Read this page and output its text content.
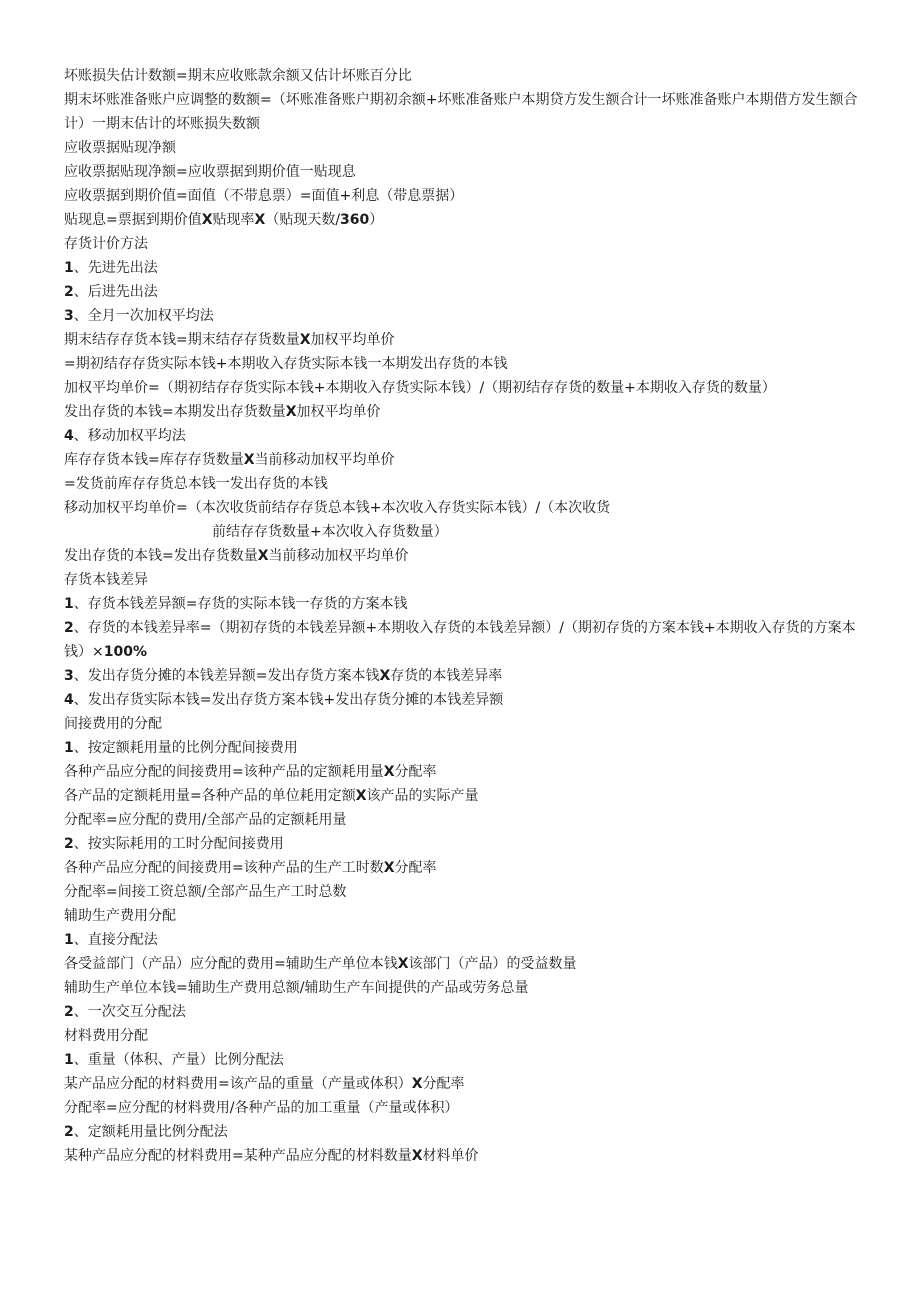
坏账损失估计数额=期末应收账款余额又估计坏账百分比
期末坏账准备账户应调整的数额=（坏账准备账户期初余额+坏账准备账户本期贷方发生额合计一坏账准备账户本期借方发生额合计）一期末估计的坏账损失数额
应收票据贴现净额
应收票据贴现净额=应收票据到期价值一贴现息
应收票据到期价值=面值（不带息票）=面值+利息（带息票据）
贴现息=票据到期价值X贴现率X（贴现天数/360）
存货计价方法
1、先进先出法
2、后进先出法
3、全月一次加权平均法
期末结存存货本钱=期末结存存货数量X加权平均单价
=期初结存存货实际本钱+本期收入存货实际本钱一本期发出存货的本钱
加权平均单价=（期初结存存货实际本钱+本期收入存货实际本钱）/（期初结存存货的数量+本期收入存货的数量）
发出存货的本钱=本期发出存货数量X加权平均单价
4、移动加权平均法
库存存货本钱=库存存货数量X当前移动加权平均单价
=发货前库存存货总本钱一发出存货的本钱
移动加权平均单价=（本次收货前结存存货总本钱+本次收入存货实际本钱）/（本次收货
前结存存货数量+本次收入存货数量）
发出存货的本钱=发出存货数量X当前移动加权平均单价
存货本钱差异
1、存货本钱差异额=存货的实际本钱一存货的方案本钱
2、存货的本钱差异率=（期初存货的本钱差异额+本期收入存货的本钱差异额）/（期初存货的方案本钱+本期收入存货的方案本钱）×100%
3、发出存货分摊的本钱差异额=发出存货方案本钱X存货的本钱差异率
4、发出存货实际本钱=发出存货方案本钱+发出存货分摊的本钱差异额
间接费用的分配
1、按定额耗用量的比例分配间接费用
各种产品应分配的间接费用=该种产品的定额耗用量X分配率
各产品的定额耗用量=各种产品的单位耗用定额X该产品的实际产量
分配率=应分配的费用/全部产品的定额耗用量
2、按实际耗用的工时分配间接费用
各种产品应分配的间接费用=该种产品的生产工时数X分配率
分配率=间接工资总额/全部产品生产工时总数
辅助生产费用分配
1、直接分配法
各受益部门（产品）应分配的费用=辅助生产单位本钱X该部门（产品）的受益数量
辅助生产单位本钱=辅助生产费用总额/辅助生产车间提供的产品或劳务总量
2、一次交互分配法
材料费用分配
1、重量（体积、产量）比例分配法
某产品应分配的材料费用=该产品的重量（产量或体积）X分配率
分配率=应分配的材料费用/各种产品的加工重量（产量或体积）
2、定额耗用量比例分配法
某种产品应分配的材料费用=某种产品应分配的材料数量X材料单价
